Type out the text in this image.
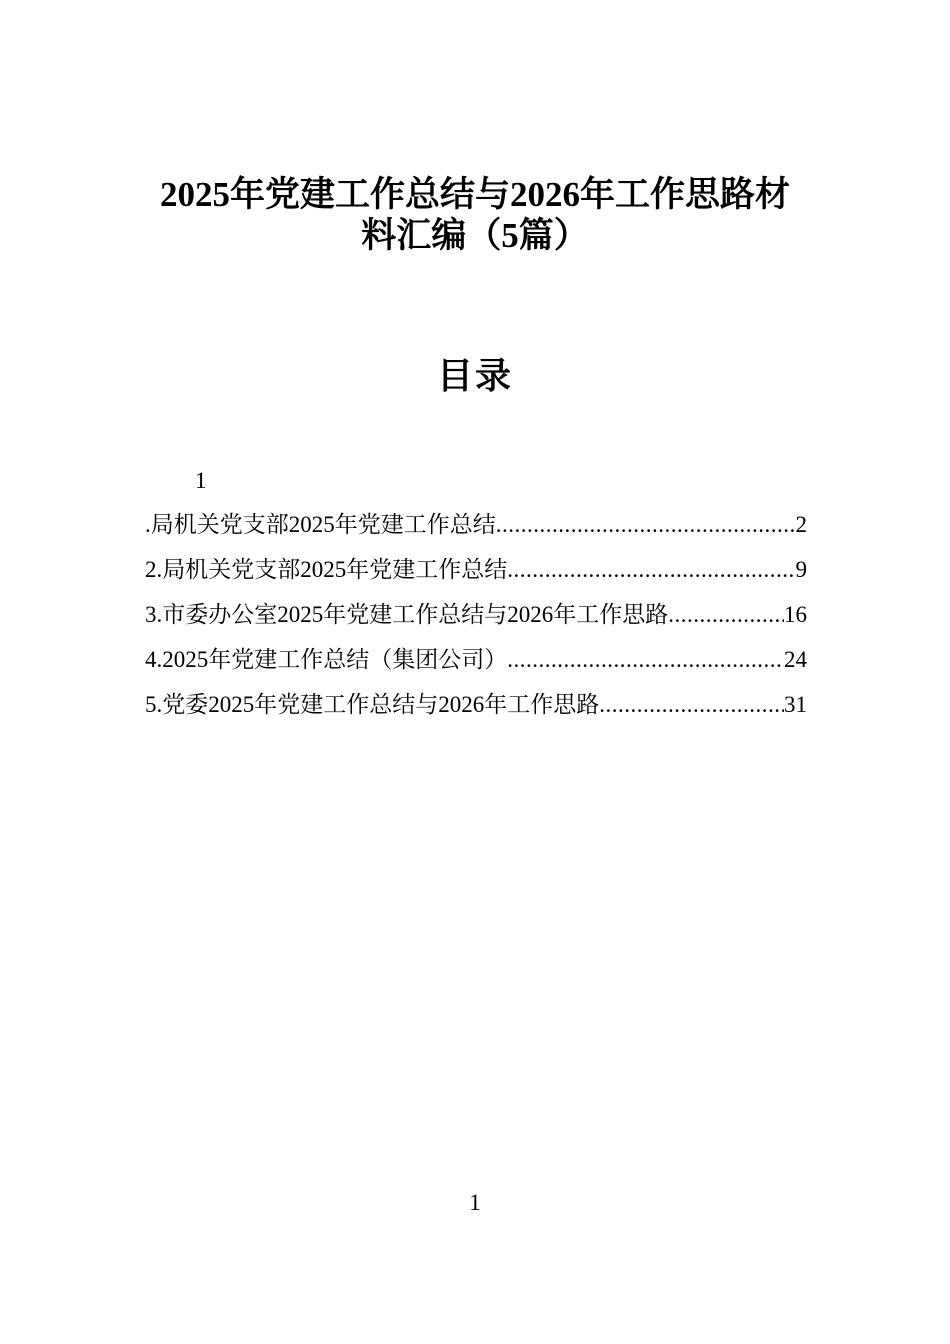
2025年党建工作总结与2026年工作思路材
料汇编（5篇）
目录
1
.局机关党支部2025年党建工作总结 .....	2
2.局机关党支部2025年党建工作总结 .....	9
3.市委办公室2025年党建工作总结与2026年工作思路 .....	16
4.2025年党建工作总结（集团公司） .....	24
5.党委2025年党建工作总结与2026年工作思路 .....	31
1
